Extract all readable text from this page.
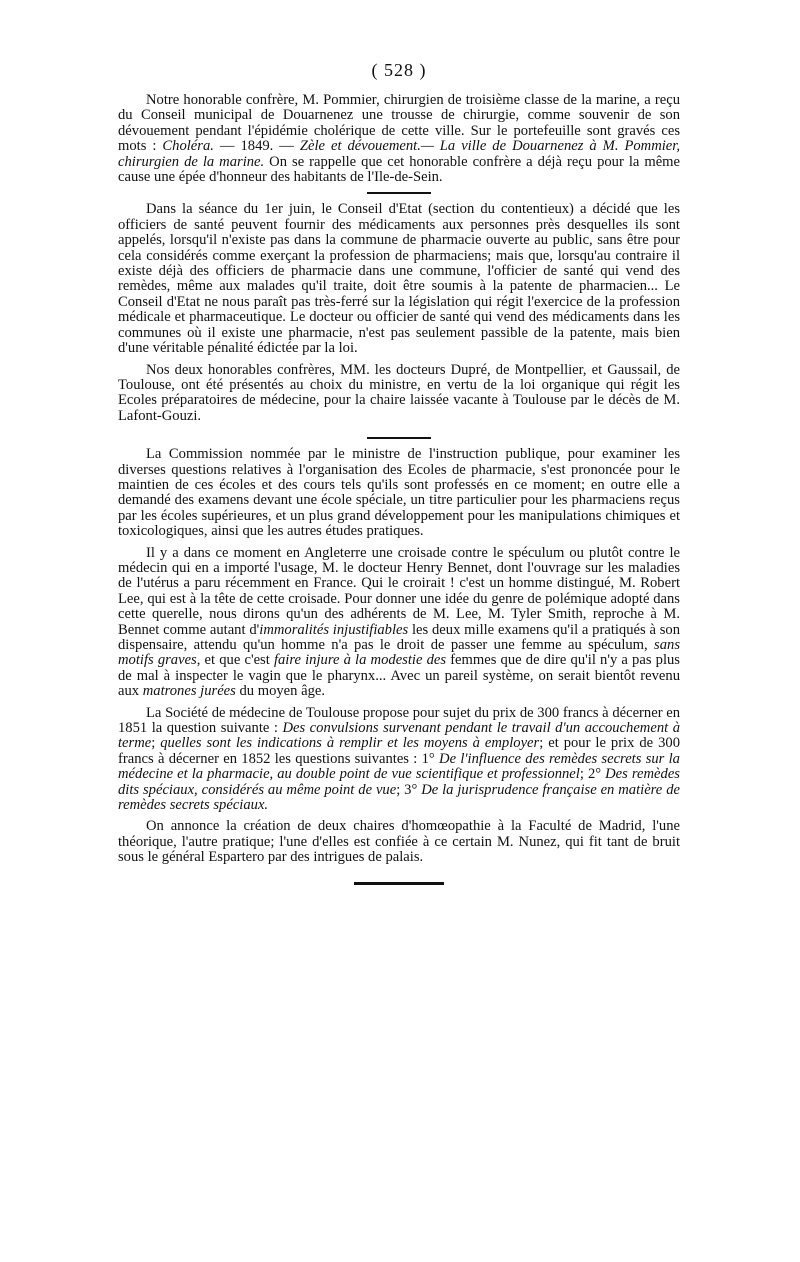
( 528 )

Notre honorable confrère, M. Pommier, chirurgien de troisième classe de la marine, a reçu du Conseil municipal de Douarnenez une trousse de chirurgie, comme souvenir de son dévouement pendant l'épidémie cholérique de cette ville. Sur le portefeuille sont gravés ces mots : Choléra. — 1849. — Zèle et dévouement.— La ville de Douarnenez à M. Pommier, chirurgien de la marine. On se rappelle que cet honorable confrère a déjà reçu pour la même cause une épée d'honneur des habitants de l'Ile-de-Sein.

Dans la séance du 1er juin, le Conseil d'Etat (section du contentieux) a décidé que les officiers de santé peuvent fournir des médicaments aux personnes près desquelles ils sont appelés, lorsqu'il n'existe pas dans la commune de pharmacie ouverte au public, sans être pour cela considérés comme exerçant la profession de pharmaciens; mais que, lorsqu'au contraire il existe déjà des officiers de pharmacie dans une commune, l'officier de santé qui vend des remèdes, même aux malades qu'il traite, doit être soumis à la patente de pharmacien... Le Conseil d'Etat ne nous paraît pas très-ferré sur la législation qui régit l'exercice de la profession médicale et pharmaceutique. Le docteur ou officier de santé qui vend des médicaments dans les communes où il existe une pharmacie, n'est pas seulement passible de la patente, mais bien d'une véritable pénalité édictée par la loi.

Nos deux honorables confrères, MM. les docteurs Dupré, de Montpellier, et Gaussail, de Toulouse, ont été présentés au choix du ministre, en vertu de la loi organique qui régit les Ecoles préparatoires de médecine, pour la chaire laissée vacante à Toulouse par le décès de M. Lafont-Gouzi.

La Commission nommée par le ministre de l'instruction publique, pour examiner les diverses questions relatives à l'organisation des Ecoles de pharmacie, s'est prononcée pour le maintien de ces écoles et des cours tels qu'ils sont professés en ce moment; en outre elle a demandé des examens devant une école spéciale, un titre particulier pour les pharmaciens reçus par les écoles supérieures, et un plus grand développement pour les manipulations chimiques et toxicologiques, ainsi que les autres études pratiques.

Il y a dans ce moment en Angleterre une croisade contre le spéculum ou plutôt contre le médecin qui en a importé l'usage, M. le docteur Henry Bennet, dont l'ouvrage sur les maladies de l'utérus a paru récemment en France. Qui le croirait ! c'est un homme distingué, M. Robert Lee, qui est à la tête de cette croisade. Pour donner une idée du genre de polémique adopté dans cette querelle, nous dirons qu'un des adhérents de M. Lee, M. Tyler Smith, reproche à M. Bennet comme autant d'immoralités injustifiables les deux mille examens qu'il a pratiqués à son dispensaire, attendu qu'un homme n'a pas le droit de passer une femme au spéculum, sans motifs graves, et que c'est faire injure à la modestie des femmes que de dire qu'il n'y a pas plus de mal à inspecter le vagin que le pharynx... Avec un pareil système, on serait bientôt revenu aux matrones jurées du moyen âge.

La Société de médecine de Toulouse propose pour sujet du prix de 300 francs à décerner en 1851 la question suivante : Des convulsions survenant pendant le travail d'un accouchement à terme; quelles sont les indications à remplir et les moyens à employer; et pour le prix de 300 francs à décerner en 1852 les questions suivantes : 1° De l'influence des remèdes secrets sur la médecine et la pharmacie, au double point de vue scientifique et professionnel; 2° Des remèdes dits spéciaux, considérés au même point de vue; 3° De la jurisprudence française en matière de remèdes secrets spéciaux.

On annonce la création de deux chaires d'homœopathie à la Faculté de Madrid, l'une théorique, l'autre pratique; l'une d'elles est confiée à ce certain M. Nunez, qui fit tant de bruit sous le général Espartero par des intrigues de palais.
